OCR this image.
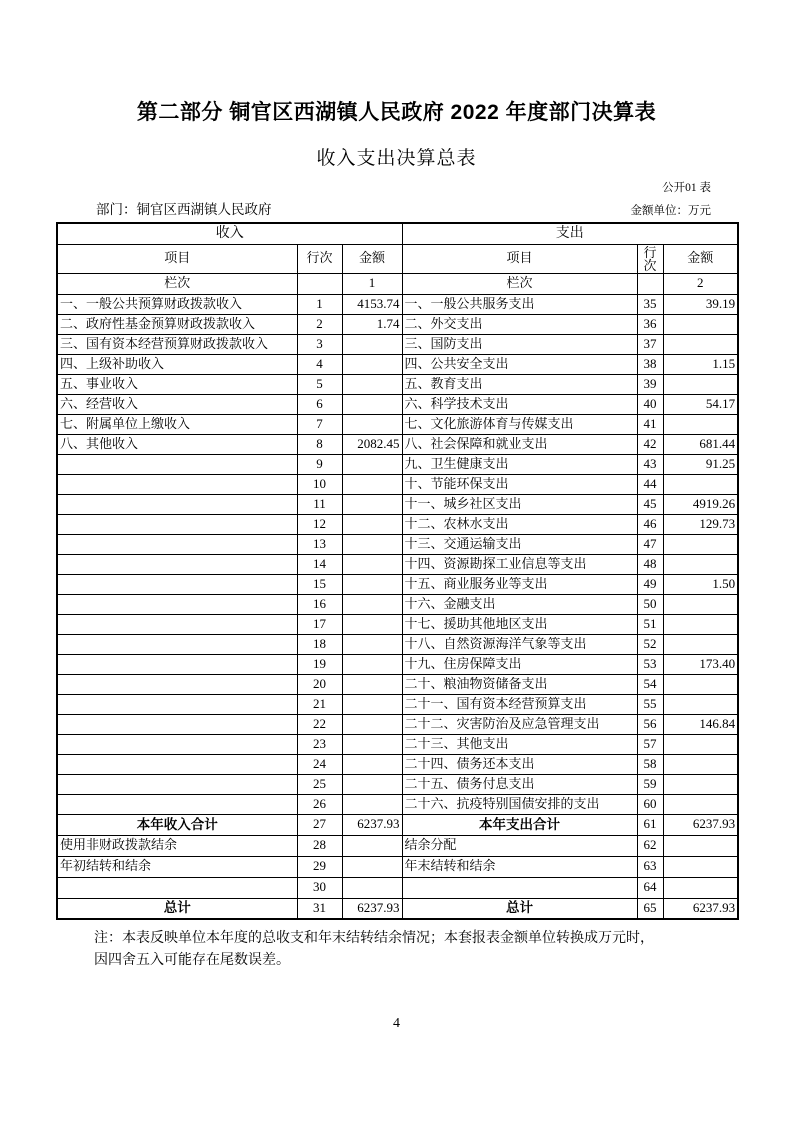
第二部分 铜官区西湖镇人民政府 2022 年度部门决算表
收入支出决算总表
公开01 表
部门：铜官区西湖镇人民政府	金额单位：万元
收入			支出		
项目	行次	金额	项目	行次	金额
栏次		1	栏次		2
一、一般公共预算财政拨款收入	1	4153.74	一、一般公共服务支出	35	39.19
二、政府性基金预算财政拨款收入	2	1.74	二、外交支出	36	
三、国有资本经营预算财政拨款收入	3		三、国防支出	37	
四、上级补助收入	4		四、公共安全支出	38	1.15
五、事业收入	5		五、教育支出	39	
六、经营收入	6		六、科学技术支出	40	54.17
七、附属单位上缴收入	7		七、文化旅游体育与传媒支出	41	
八、其他收入	8	2082.45	八、社会保障和就业支出	42	681.44
	9		九、卫生健康支出	43	91.25
	10		十、节能环保支出	44	
	11		十一、城乡社区支出	45	4919.26
	12		十二、农林水支出	46	129.73
	13		十三、交通运输支出	47	
	14		十四、资源勘探工业信息等支出	48	
	15		十五、商业服务业等支出	49	1.50
	16		十六、金融支出	50	
	17		十七、援助其他地区支出	51	
	18		十八、自然资源海洋气象等支出	52	
	19		十九、住房保障支出	53	173.40
	20		二十、粮油物资储备支出	54	
	21		二十一、国有资本经营预算支出	55	
	22		二十二、灾害防治及应急管理支出	56	146.84
	23		二十三、其他支出	57	
	24		二十四、债务还本支出	58	
	25		二十五、债务付息支出	59	
	26		二十六、抗疫特别国债安排的支出	60	
本年收入合计	27	6237.93	本年支出合计	61	6237.93
使用非财政拨款结余	28		结余分配	62	
年初结转和结余	29		年末结转和结余	63	
	30			64	
总计	31	6237.93	总计	65	6237.93
注：本表反映单位本年度的总收支和年末结转结余情况；本套报表金额单位转换成万元时，
因四舍五入可能存在尾数误差。
4
